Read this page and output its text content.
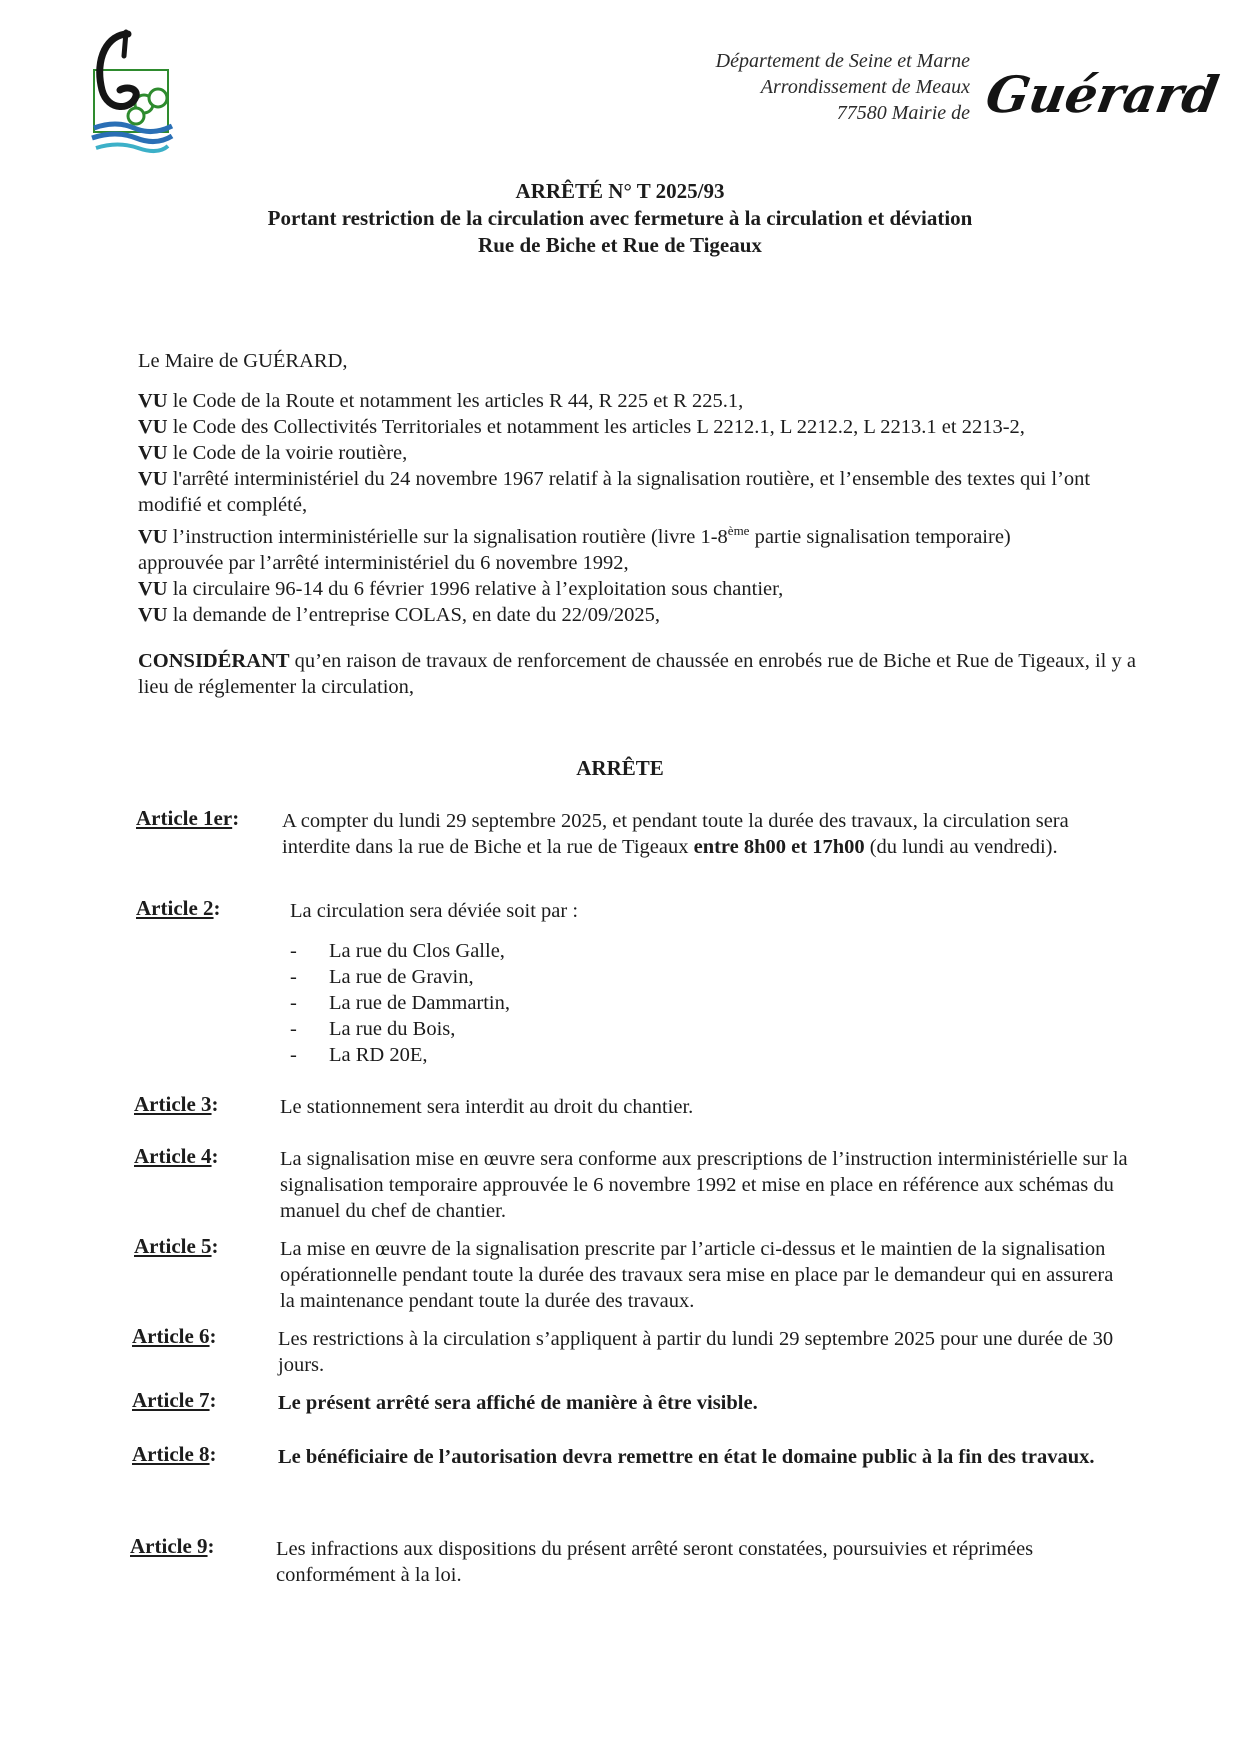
Département de Seine et Marne
Arrondissement de Meaux
77580 Mairie de Guérard
ARRÊTÉ N° T 2025/93
Portant restriction de la circulation avec fermeture à la circulation et déviation
Rue de Biche et Rue de Tigeaux
Le Maire de GUÉRARD,

VU le Code de la Route et notamment les articles R 44, R 225 et R 225.1,

VU le Code des Collectivités Territoriales et notamment les articles L 2212.1, L 2212.2, L 2213.1 et 2213-2,

VU le Code de la voirie routière,

VU l'arrêté interministériel du 24 novembre 1967 relatif à la signalisation routière, et l’ensemble des textes qui l’ont modifié et complété,

VU l’instruction interministérielle sur la signalisation routière (livre 1-8ème partie signalisation temporaire)
approuvée par l’arrêté interministériel du 6 novembre 1992,

VU la circulaire 96-14 du 6 février 1996 relative à l’exploitation sous chantier,

VU la demande de l’entreprise COLAS, en date du 22/09/2025,

CONSIDÉRANT qu’en raison de travaux de renforcement de chaussée en enrobés rue de Biche et Rue de Tigeaux, il y a lieu de réglementer la circulation,
ARRÊTE
Article 1er: A compter du lundi 29 septembre 2025, et pendant toute la durée des travaux, la circulation sera interdite dans la rue de Biche et la rue de Tigeaux entre 8h00 et 17h00 (du lundi au vendredi).
Article 2:	La circulation sera déviée soit par :
- La rue du Clos Galle,
- La rue de Gravin,
- La rue de Dammartin,
- La rue du Bois,
- La RD 20E,
Article 3:	Le stationnement sera interdit au droit du chantier.
Article 4:	La signalisation mise en œuvre sera conforme aux prescriptions de l’instruction interministérielle sur la signalisation temporaire approuvée le 6 novembre 1992 et mise en place en référence aux schémas du manuel du chef de chantier.
Article 5:	La mise en œuvre de la signalisation prescrite par l’article ci-dessus et le maintien de la signalisation opérationnelle pendant toute la durée des travaux sera mise en place par le demandeur qui en assurera la maintenance pendant toute la durée des travaux.
Article 6:	Les restrictions à la circulation s’appliquent à partir du lundi 29 septembre 2025 pour une durée de 30 jours.
Article 7:	Le présent arrêté sera affiché de manière à être visible.
Article 8:	Le bénéficiaire de l’autorisation devra remettre en état le domaine public à la fin des travaux.
Article 9:	Les infractions aux dispositions du présent arrêté seront constatées, poursuivies et réprimées conformément à la loi.
